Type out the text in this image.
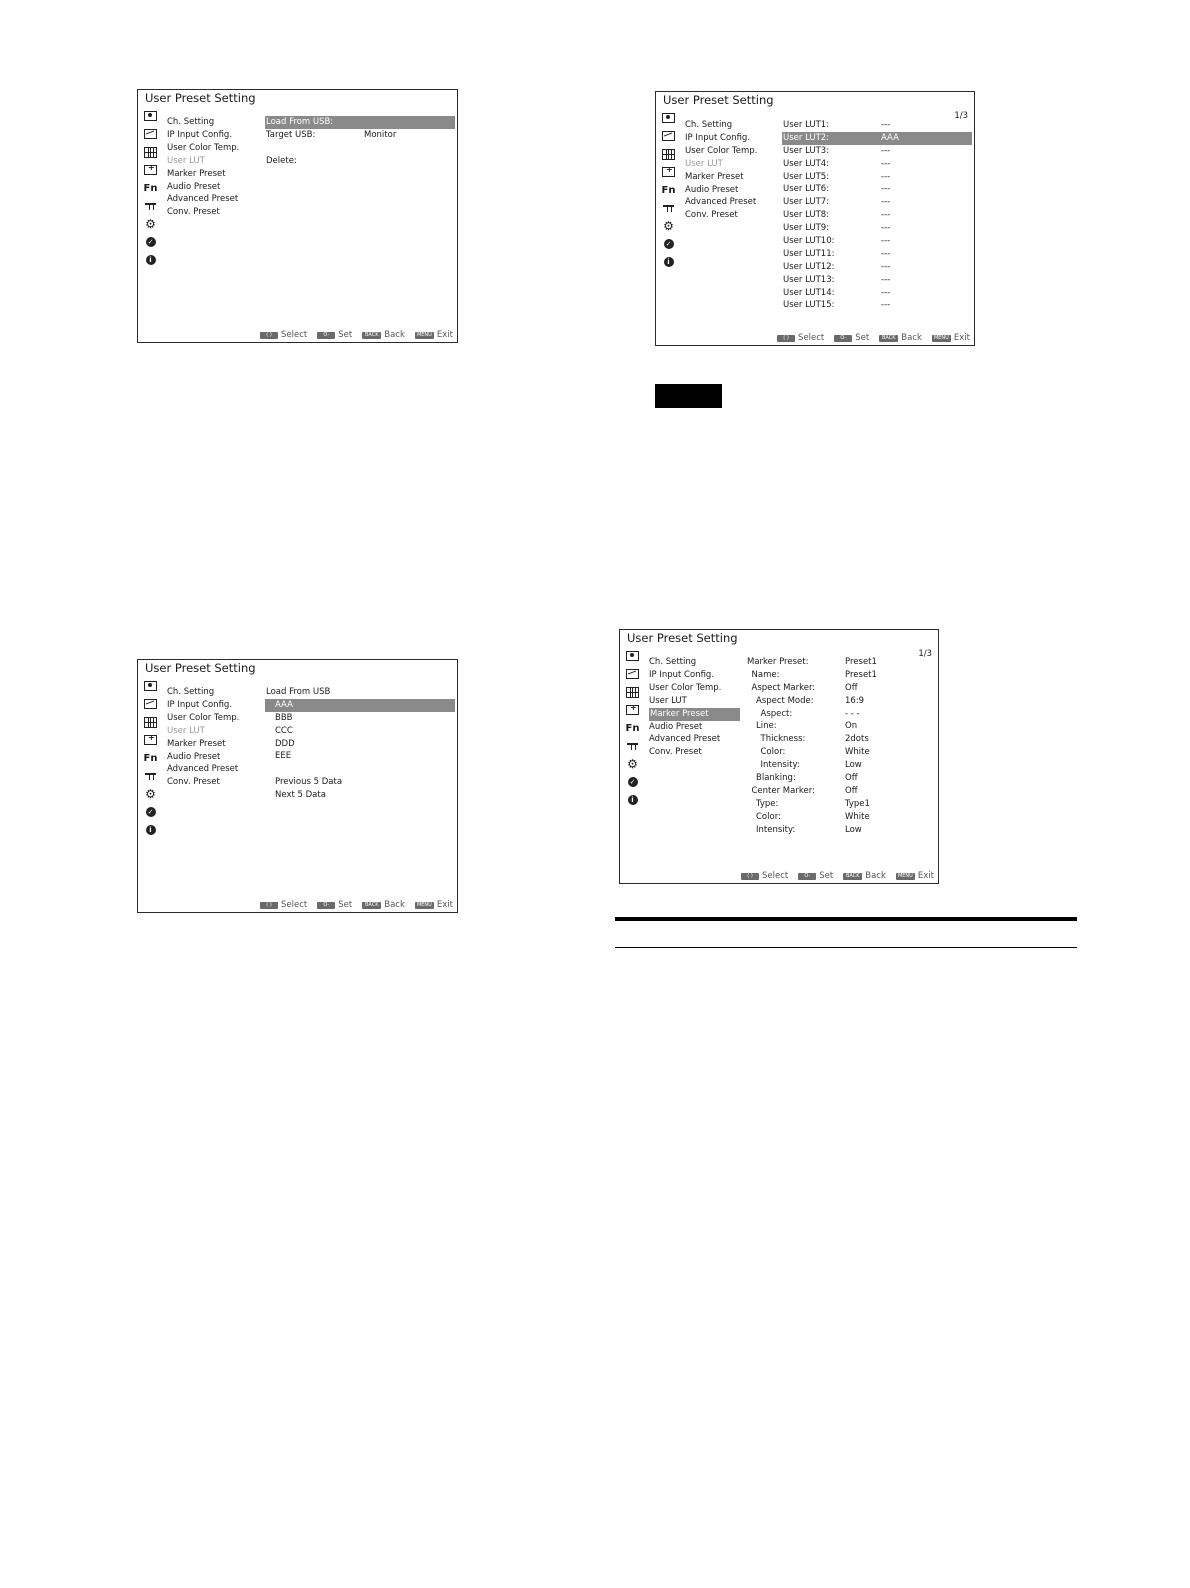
User Preset Setting
+
Fn
⚙
✓
i
Ch. Setting
IP Input Config.
User Color Temp.
User LUT
Marker Preset
Audio Preset
Advanced Preset
Conv. Preset
Load From USB:
Target USB:	Monitor
Delete:
( )	Select	O-	Set	BACK Back	MENU Exit
User Preset Setting
+
Fn
⚙
✓
i
Ch. Setting
IP Input Config.
User Color Temp.
User LUT
Marker Preset
Audio Preset
Advanced Preset
Conv. Preset
Load From USB
AAA
BBB
CCC
DDD
EEE
Previous 5 Data
Next 5 Data
( )	Select	O-	Set	BACK Back	MENU Exit
User Preset Setting
1/3
+
Fn
⚙
✓
i
Ch. Setting
IP Input Config.
User Color Temp.
User LUT
Marker Preset
Audio Preset
Advanced Preset
Conv. Preset
User LUT1:	---
User LUT2:	AAA
User LUT3:	---
User LUT4:	---
User LUT5:	---
User LUT6:	---
User LUT7:	---
User LUT8:	---
User LUT9:	---
User LUT10:	---
User LUT11:	---
User LUT12:	---
User LUT13:	---
User LUT14:	---
User LUT15:	---
( )	Select	O-	Set	BACK Back	MENU Exit
User Preset Setting
1/3
+
Fn
⚙
✓
i
Ch. Setting
IP Input Config.
User Color Temp.
User LUT
Marker Preset
Audio Preset
Advanced Preset
Conv. Preset
Marker Preset:	Preset1
Name:	Preset1
Aspect Marker:	Off
Aspect Mode:	16:9
Aspect:	- - -
Line:	On
Thickness:	2dots
Color:	White
Intensity:	Low
Blanking:	Off
Center Marker:	Off
Type:	Type1
Color:	White
Intensity:	Low
( )	Select	O-	Set	BACK Back	MENU Exit
